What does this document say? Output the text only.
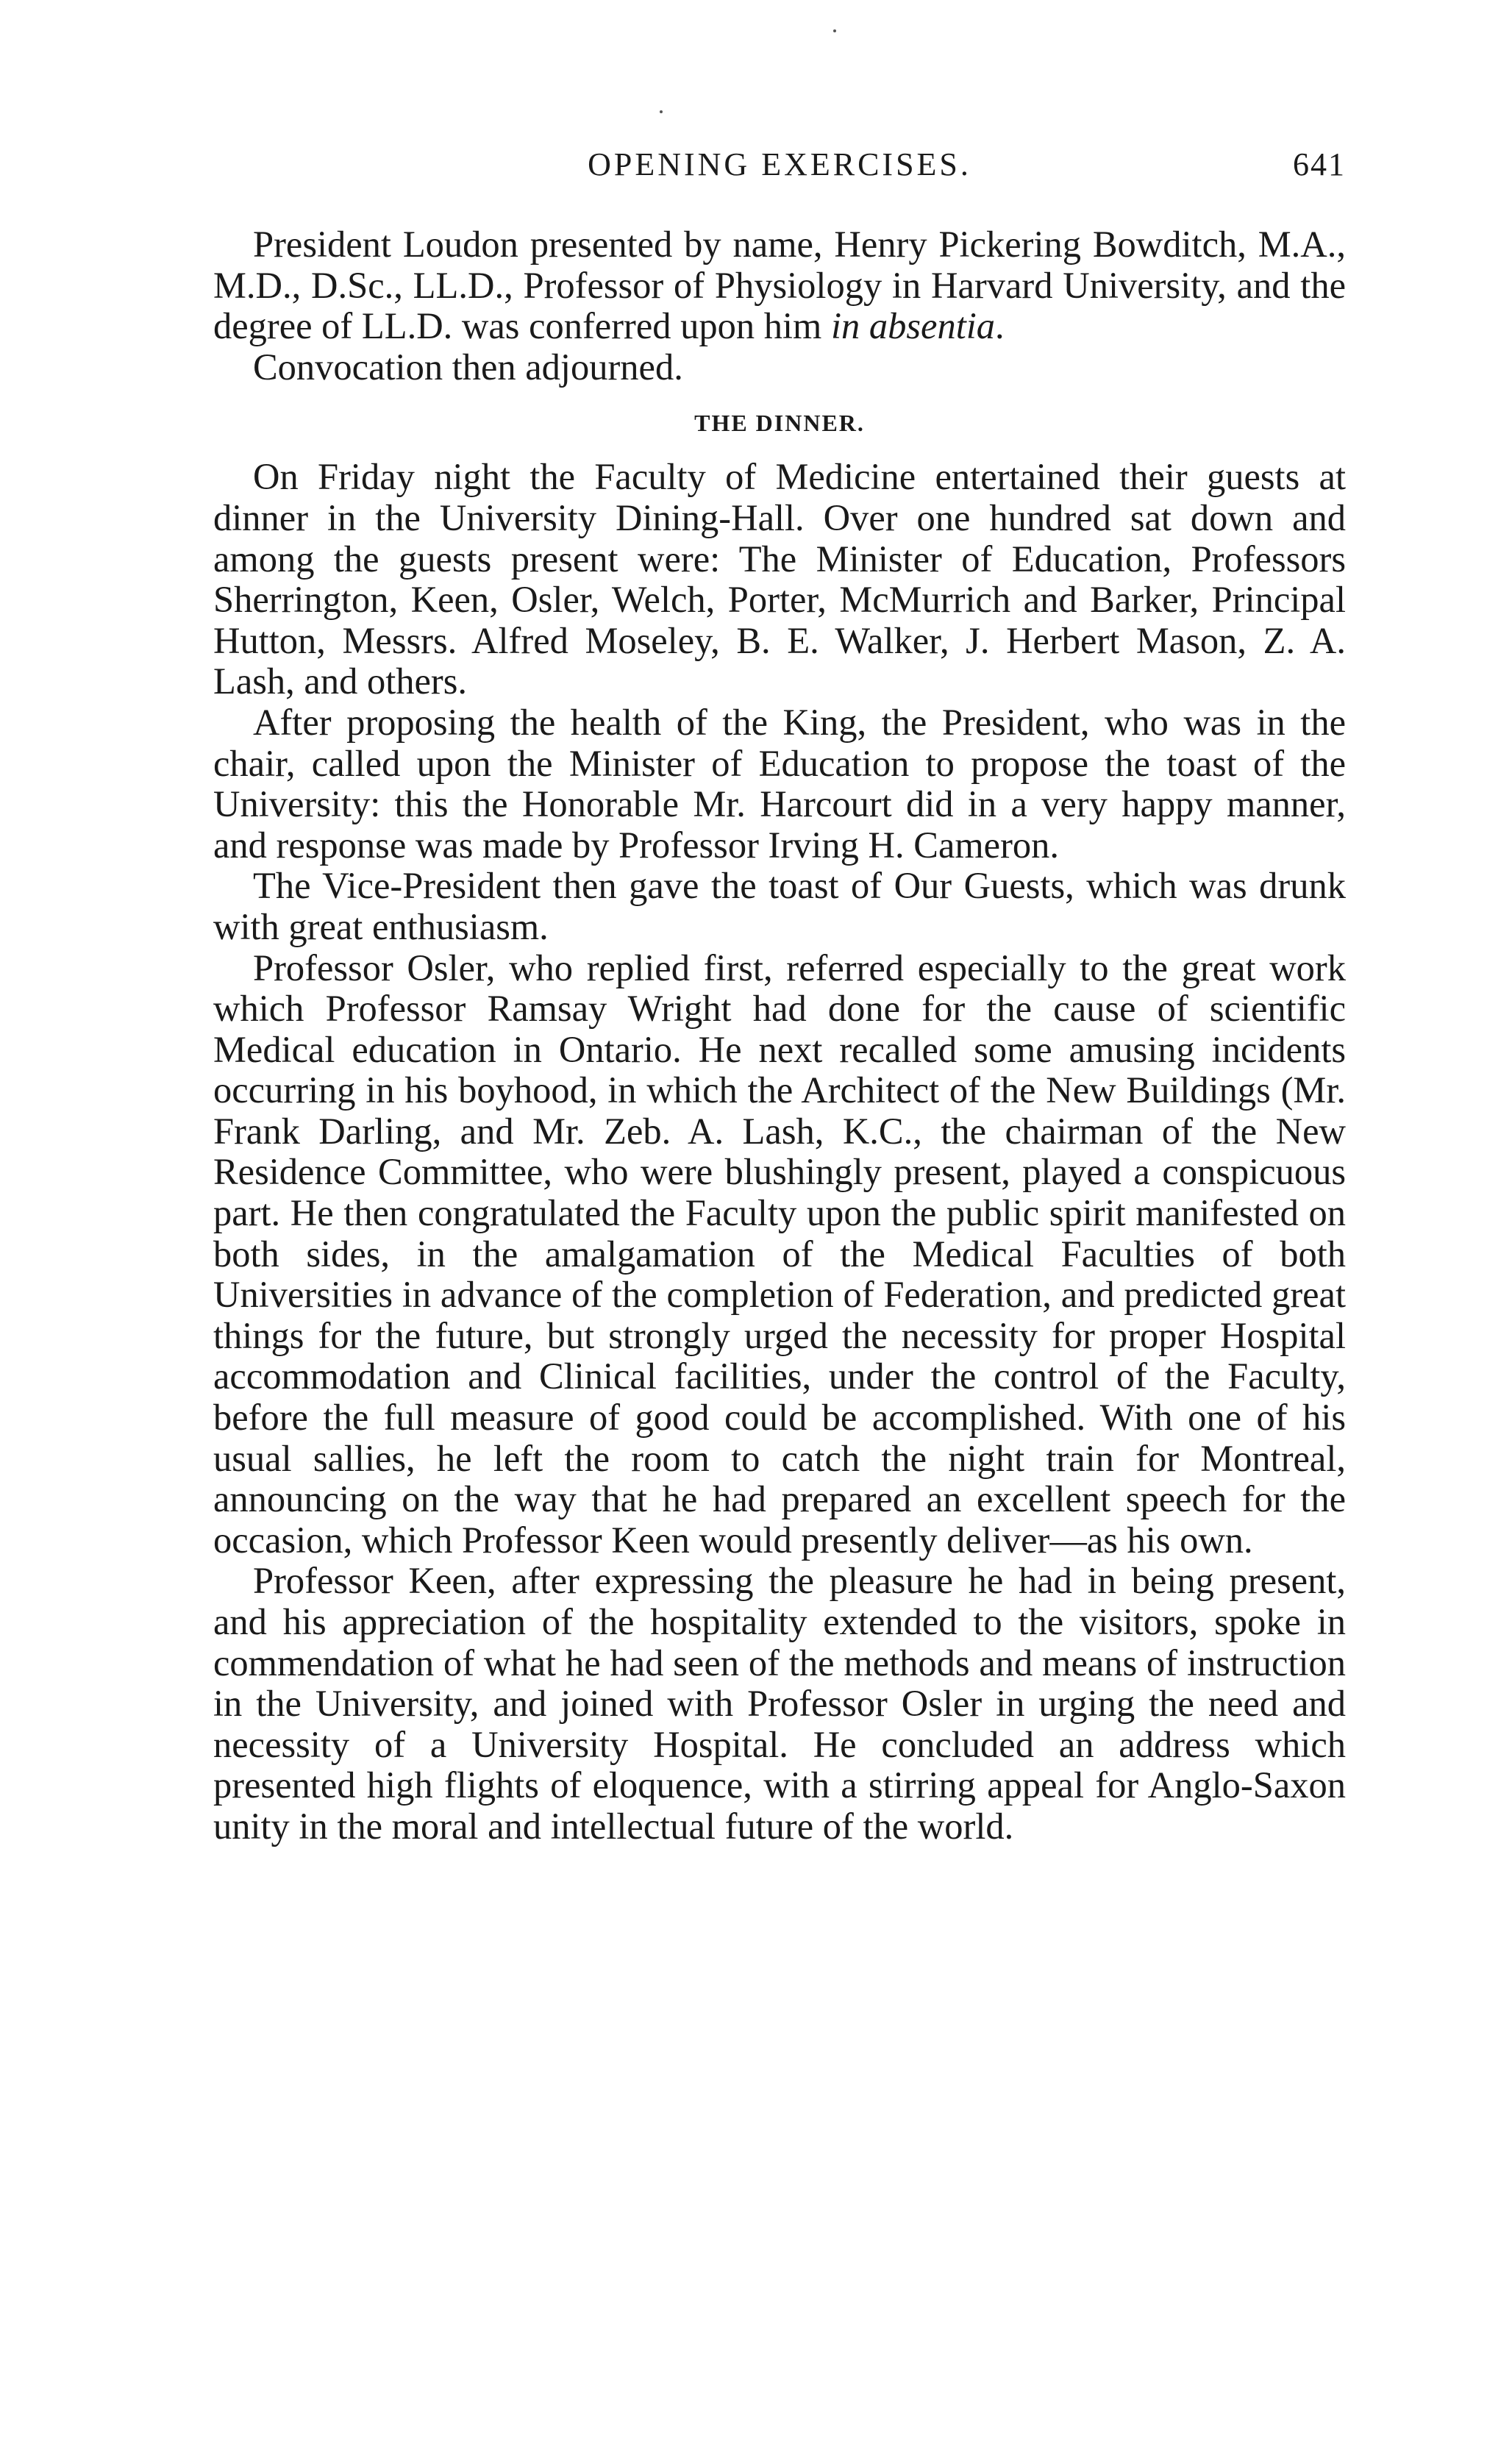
OPENING EXERCISES.	641

President Loudon presented by name, Henry Pickering Bowditch, M.A., M.D., D.Sc., LL.D., Professor of Physiology in Harvard University, and the degree of LL.D. was conferred upon him in absentia.

Convocation then adjourned.

THE DINNER.

On Friday night the Faculty of Medicine entertained their guests at dinner in the University Dining-Hall. Over one hundred sat down and among the guests present were: The Minister of Education, Professors Sherrington, Keen, Osler, Welch, Porter, McMurrich and Barker, Principal Hutton, Messrs. Alfred Moseley, B. E. Walker, J. Herbert Mason, Z. A. Lash, and others.

After proposing the health of the King, the President, who was in the chair, called upon the Minister of Education to propose the toast of the University: this the Honorable Mr. Harcourt did in a very happy manner, and response was made by Professor Irving H. Cameron.

The Vice-President then gave the toast of Our Guests, which was drunk with great enthusiasm.

Professor Osler, who replied first, referred especially to the great work which Professor Ramsay Wright had done for the cause of scientific Medical education in Ontario. He next recalled some amusing incidents occurring in his boyhood, in which the Architect of the New Buildings (Mr. Frank Darling, and Mr. Zeb. A. Lash, K.C., the chairman of the New Residence Committee, who were blushingly present, played a conspicuous part. He then congratulated the Faculty upon the public spirit manifested on both sides, in the amalgamation of the Medical Faculties of both Universities in advance of the completion of Federation, and predicted great things for the future, but strongly urged the necessity for proper Hospital accommodation and Clinical facilities, under the control of the Faculty, before the full measure of good could be accomplished. With one of his usual sallies, he left the room to catch the night train for Montreal, announcing on the way that he had prepared an excellent speech for the occasion, which Professor Keen would presently deliver—as his own.

Professor Keen, after expressing the pleasure he had in being present, and his appreciation of the hospitality extended to the visitors, spoke in commendation of what he had seen of the methods and means of instruction in the University, and joined with Professor Osler in urging the need and necessity of a University Hospital. He concluded an address which presented high flights of eloquence, with a stirring appeal for Anglo-Saxon unity in the moral and intellectual future of the world.
